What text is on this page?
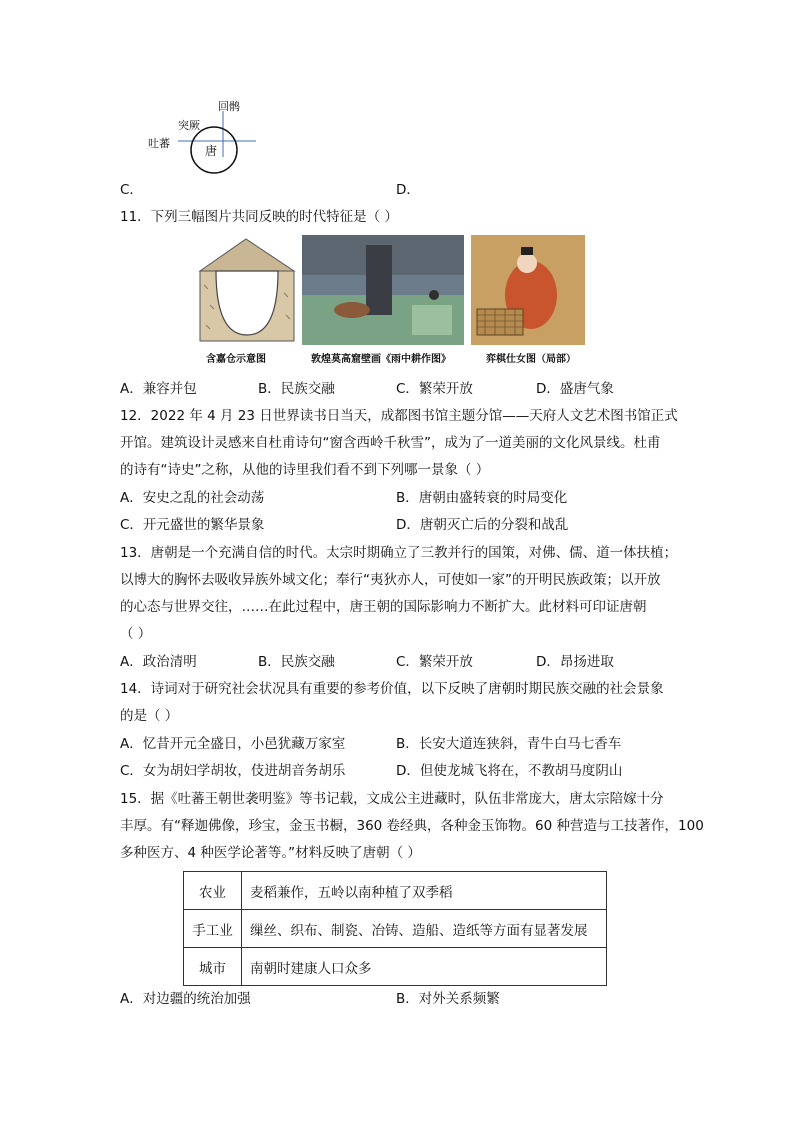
回鹘
突厥
吐蕃
唐
C．	D．
11．下列三幅图片共同反映的时代特征是（ ）
含嘉仓示意图	敦煌莫高窟壁画《雨中耕作图》	弈棋仕女图（局部）
A．兼容并包	B．民族交融	C．繁荣开放	D．盛唐气象
12．2022 年 4 月 23 日世界读书日当天，成都图书馆主题分馆——天府人文艺术图书馆正式
开馆。建筑设计灵感来自杜甫诗句“窗含西岭千秋雪”，成为了一道美丽的文化风景线。杜甫
的诗有“诗史”之称，从他的诗里我们看不到下列哪一景象（ ）
A．安史之乱的社会动荡	B．唐朝由盛转衰的时局变化
C．开元盛世的繁华景象	D．唐朝灭亡后的分裂和战乱
13．唐朝是一个充满自信的时代。太宗时期确立了三教并行的国策，对佛、儒、道一体扶植；
以博大的胸怀去吸收异族外域文化；奉行“夷狄亦人，可使如一家”的开明民族政策；以开放
的心态与世界交往，……在此过程中，唐王朝的国际影响力不断扩大。此材料可印证唐朝
（ ）
A．政治清明	B．民族交融	C．繁荣开放	D．昂扬进取
14．诗词对于研究社会状况具有重要的参考价值，以下反映了唐朝时期民族交融的社会景象
的是（ ）
A．忆昔开元全盛日，小邑犹藏万家室	B．长安大道连狭斜，青牛白马七香车
C．女为胡妇学胡妆，伎进胡音务胡乐	D．但使龙城飞将在，不教胡马度阴山
15．据《吐蕃王朝世袭明鉴》等书记载，文成公主进藏时，队伍非常庞大，唐太宗陪嫁十分
丰厚。有“释迦佛像，珍宝，金玉书橱，360 卷经典，各种金玉饰物。60 种营造与工技著作，100
多种医方、4 种医学论著等。”材料反映了唐朝（ ）
农业	麦稻兼作，五岭以南种植了双季稻
手工业	缫丝、织布、制瓷、冶铸、造船、造纸等方面有显著发展
城市	南朝时建康人口众多
A．对边疆的统治加强	B．对外关系频繁
